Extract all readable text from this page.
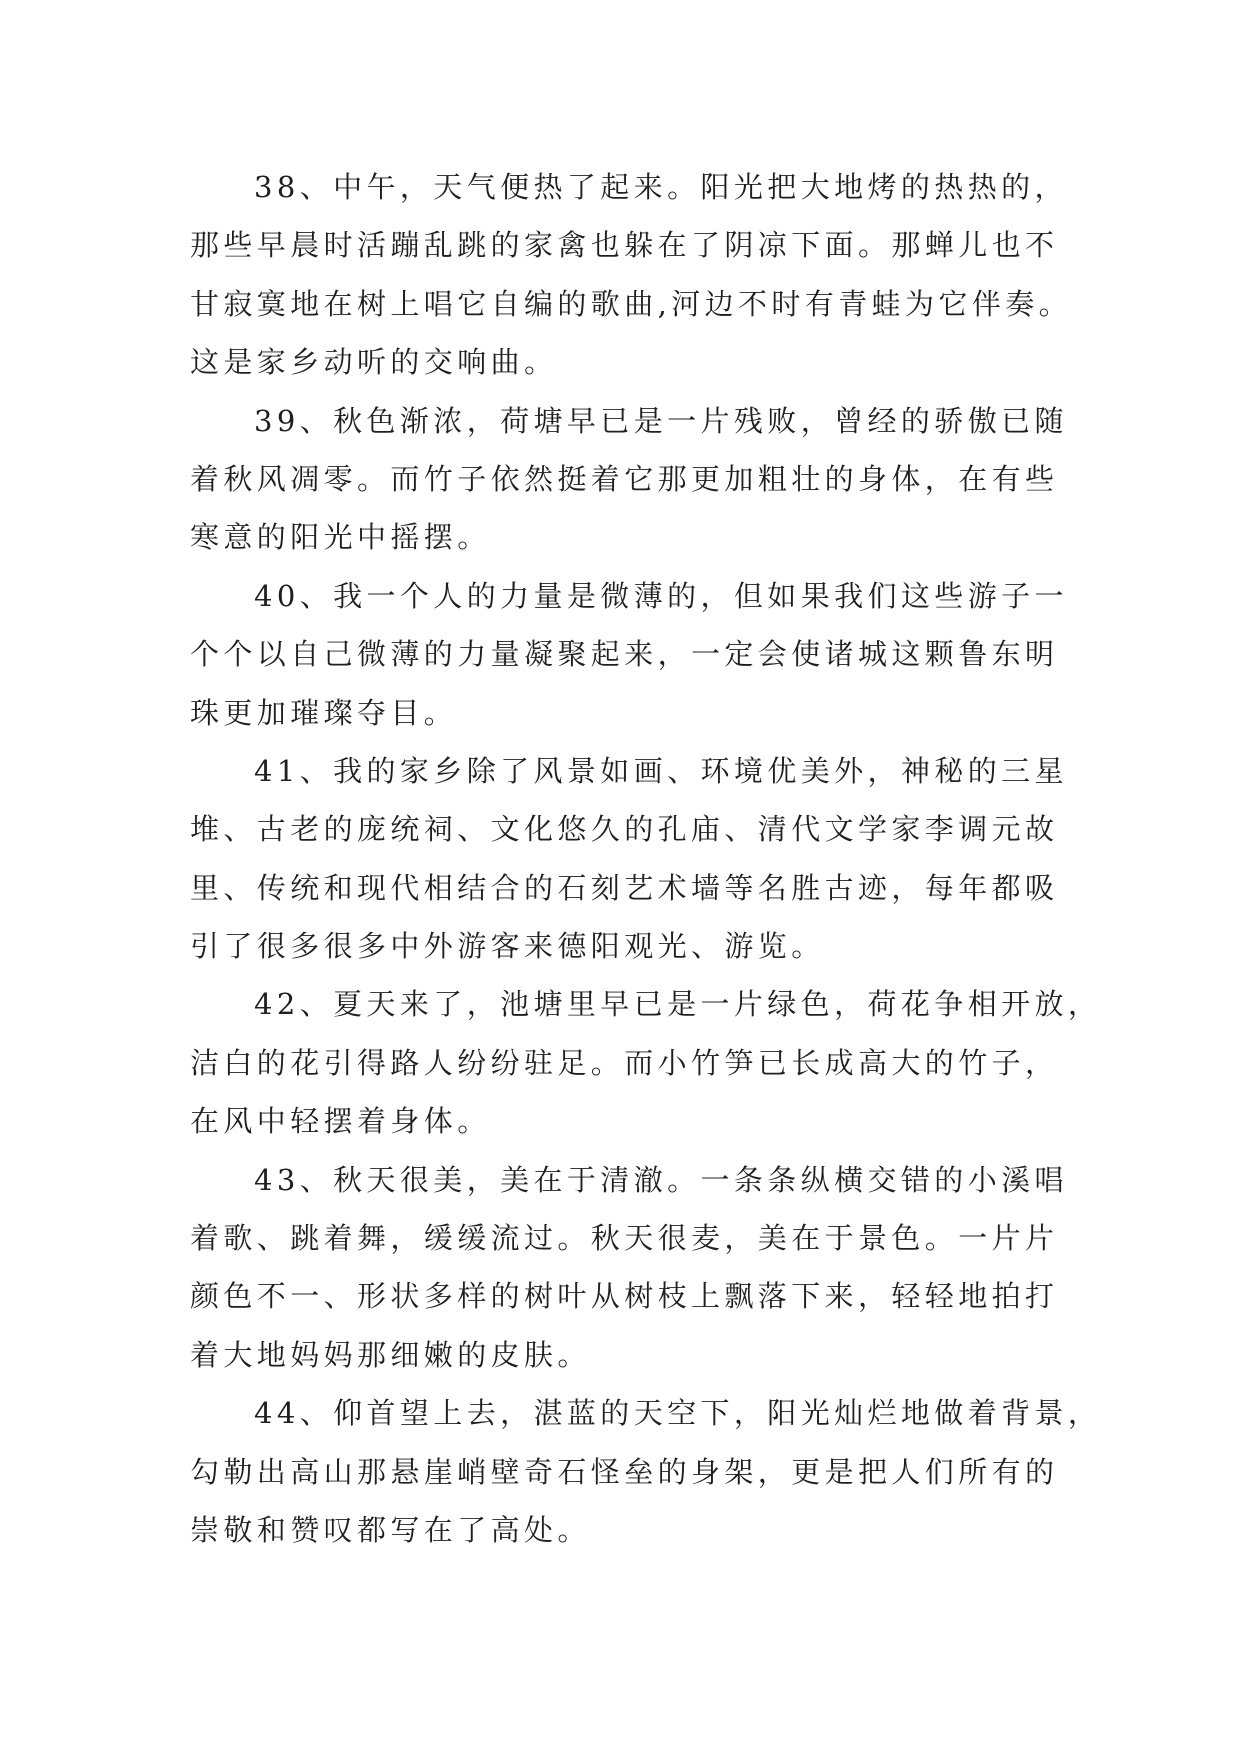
38、中午，天气便热了起来。阳光把大地烤的热热的，
那些早晨时活蹦乱跳的家禽也躲在了阴凉下面。那蝉儿也不
甘寂寞地在树上唱它自编的歌曲,河边不时有青蛙为它伴奏。
这是家乡动听的交响曲。
39、秋色渐浓，荷塘早已是一片残败，曾经的骄傲已随
着秋风凋零。而竹子依然挺着它那更加粗壮的身体，在有些
寒意的阳光中摇摆。
40、我一个人的力量是微薄的，但如果我们这些游子一
个个以自己微薄的力量凝聚起来，一定会使诸城这颗鲁东明
珠更加璀璨夺目。
41、我的家乡除了风景如画、环境优美外，神秘的三星
堆、古老的庞统祠、文化悠久的孔庙、清代文学家李调元故
里、传统和现代相结合的石刻艺术墙等名胜古迹，每年都吸
引了很多很多中外游客来德阳观光、游览。
42、夏天来了，池塘里早已是一片绿色，荷花争相开放，
洁白的花引得路人纷纷驻足。而小竹笋已长成高大的竹子，
在风中轻摆着身体。
43、秋天很美，美在于清澈。一条条纵横交错的小溪唱
着歌、跳着舞，缓缓流过。秋天很麦，美在于景色。一片片
颜色不一、形状多样的树叶从树枝上飘落下来，轻轻地拍打
着大地妈妈那细嫩的皮肤。
44、仰首望上去，湛蓝的天空下，阳光灿烂地做着背景，
勾勒出高山那悬崖峭壁奇石怪垒的身架，更是把人们所有的
崇敬和赞叹都写在了高处。
